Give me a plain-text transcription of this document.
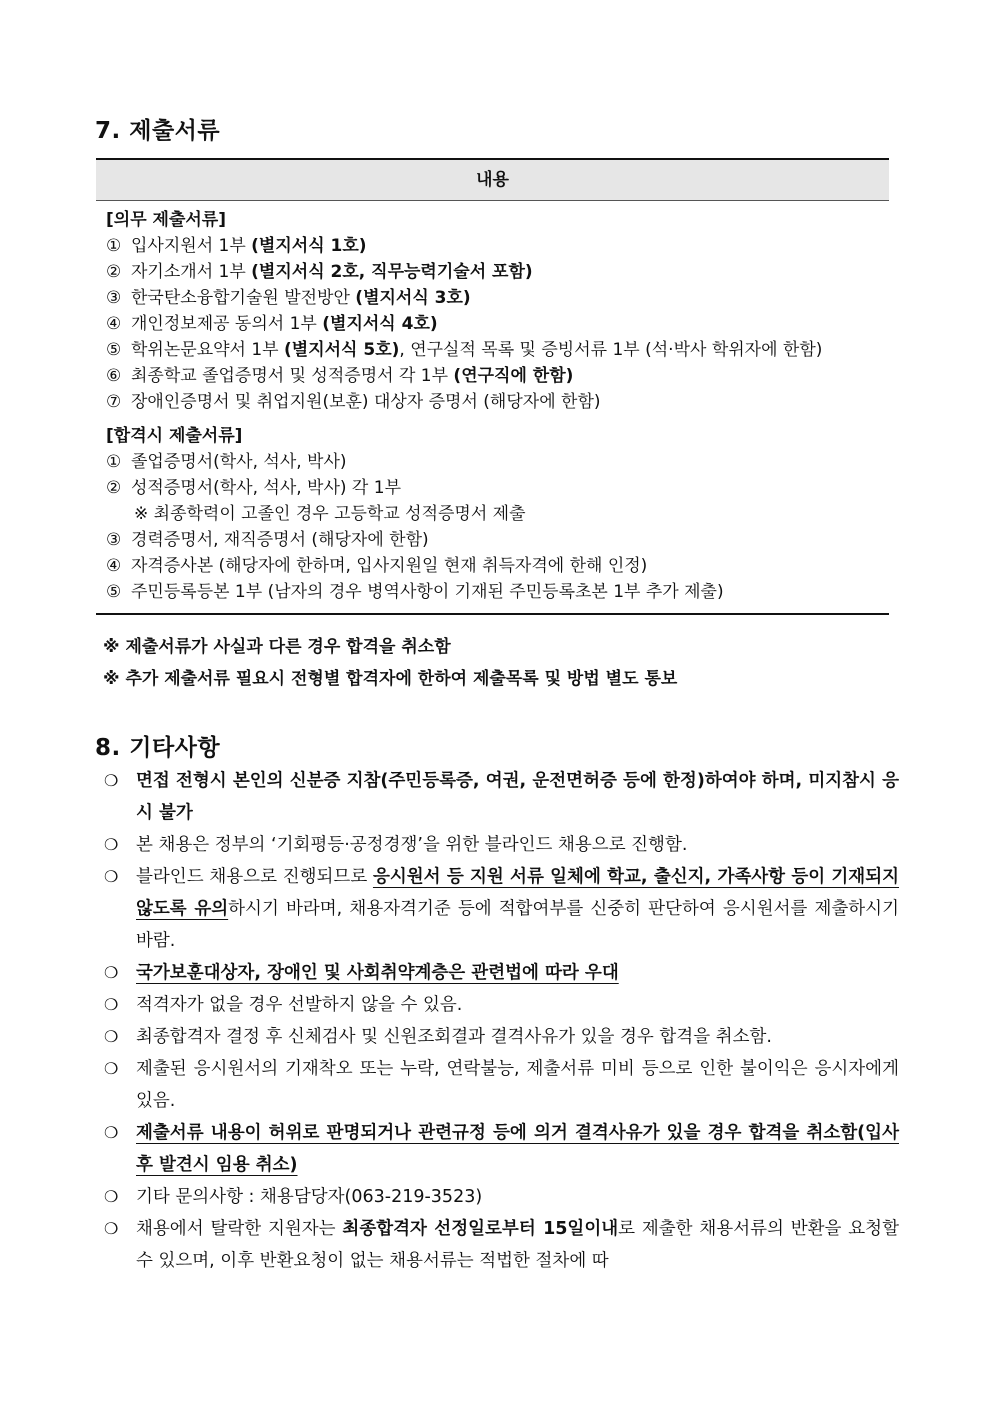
7. 제출서류
내용
[의무 제출서류]
① 입사지원서 1부 (별지서식 1호)
② 자기소개서 1부 (별지서식 2호, 직무능력기술서 포함)
③ 한국탄소융합기술원 발전방안 (별지서식 3호)
④ 개인정보제공 동의서 1부 (별지서식 4호)
⑤ 학위논문요약서 1부 (별지서식 5호), 연구실적 목록 및 증빙서류 1부 (석·박사 학위자에 한함)
⑥ 최종학교 졸업증명서 및 성적증명서 각 1부 (연구직에 한함)
⑦ 장애인증명서 및 취업지원(보훈) 대상자 증명서 (해당자에 한함)
[합격시 제출서류]
① 졸업증명서(학사, 석사, 박사)
② 성적증명서(학사, 석사, 박사) 각 1부
※ 최종학력이 고졸인 경우 고등학교 성적증명서 제출
③ 경력증명서, 재직증명서 (해당자에 한함)
④ 자격증사본 (해당자에 한하며, 입사지원일 현재 취득자격에 한해 인정)
⑤ 주민등록등본 1부 (남자의 경우 병역사항이 기재된 주민등록초본 1부 추가 제출)
※ 제출서류가 사실과 다른 경우 합격을 취소함
※ 추가 제출서류 필요시 전형별 합격자에 한하여 제출목록 및 방법 별도 통보
8. 기타사항
❍	면접 전형시 본인의 신분증 지참(주민등록증, 여권, 운전면허증 등에 한정)하여야 하며, 미지참시 응시 불가
❍	본 채용은 정부의 ‘기회평등·공정경쟁’을 위한 블라인드 채용으로 진행함.
❍	블라인드 채용으로 진행되므로 응시원서 등 지원 서류 일체에 학교, 출신지, 가족사항 등이 기재되지 않도록 유의하시기 바라며, 채용자격기준 등에 적합여부를 신중히 판단하여 응시원서를 제출하시기 바람.
❍	국가보훈대상자, 장애인 및 사회취약계층은 관련법에 따라 우대
❍	적격자가 없을 경우 선발하지 않을 수 있음.
❍	최종합격자 결정 후 신체검사 및 신원조회결과 결격사유가 있을 경우 합격을 취소함.
❍	제출된 응시원서의 기재착오 또는 누락, 연락불능, 제출서류 미비 등으로 인한 불이익은 응시자에게 있음.
❍	제출서류 내용이 허위로 판명되거나 관련규정 등에 의거 결격사유가 있을 경우 합격을 취소함(입사 후 발견시 임용 취소)
❍	기타 문의사항 : 채용담당자(063-219-3523)
❍	채용에서 탈락한 지원자는 최종합격자 선정일로부터 15일이내로 제출한 채용서류의 반환을 요청할 수 있으며, 이후 반환요청이 없는 채용서류는 적법한 절차에 따
